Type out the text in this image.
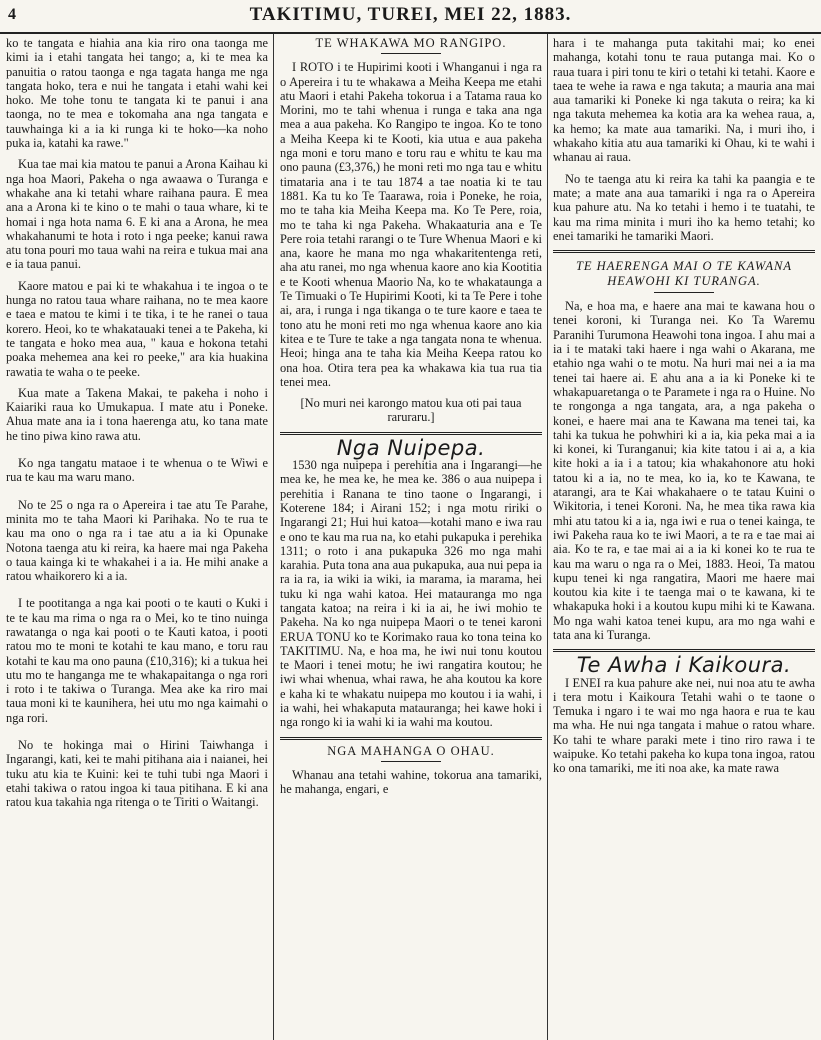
4	TAKITIMU, TUREI, MEI 22, 1883.

ko te tangata e hiahia ana kia riro ona taonga me kimi ia i etahi tangata hei tango; a, ki te mea ka panuitia o ratou taonga e nga tagata hanga me nga tangata hoko, tera e nui he tangata i etahi wahi kei hoko. Me tohe tonu te tangata ki te panui i ana taonga, no te mea e tokomaha ana nga tangata e tauwhainga ki a ia ki runga ki te hoko—ka noho puka ia, katahi ka rawe."

Kua tae mai kia matou te panui a Arona Kaihau ki nga hoa Maori, Pakeha o nga awaawa o Turanga e whakahe ana ki tetahi whare raihana paura. E mea ana a Arona ki te kino o te mahi o taua whare, ki te homai i nga hota nama 6. E ki ana a Arona, he mea whakahanumi te hota i roto i nga peeke; kanui rawa atu tona pouri mo taua wahi na reira e tukua mai ana e ia taua panui.

Kaore matou e pai ki te whakahua i te ingoa o te hunga no ratou taua whare raihana, no te mea kaore e taea e matou te kimi i te tika, i te he ranei o taua korero. Heoi, ko te whakatauaki tenei a te Pakeha, ki te tangata e hoko mea aua, " kaua e hokona tetahi poaka mehemea ana kei ro peeke," ara kia huakina rawatia te waha o te peeke.

Kua mate a Takena Makai, te pakeha i noho i Kaiariki raua ko Umukapua. I mate atu i Poneke. Ahua mate ana ia i tona haerenga atu, ko tana mate he tino piwa kino rawa atu.

Ko nga tangatu mataoe i te whenua o te Wiwi e rua te kau ma waru mano.

No te 25 o nga ra o Apereira i tae atu Te Parahe, minita mo te taha Maori ki Parihaka. No te rua te kau ma ono o nga ra i tae atu a ia ki Opunake Notona taenga atu ki reira, ka haere mai nga Pakeha o taua kainga ki te whakahei i a ia. He mihi anake a ratou whaikorero ki a ia.

I te pootitanga a nga kai pooti o te kauti o Kuki i te te kau ma rima o nga ra o Mei, ko te tino nuinga rawatanga o nga kai pooti o te Kauti katoa, i pooti ratou mo te moni te kotahi te kau mano, e toru rau kotahi te kau ma ono pauna (£10,316); ki a tukua hei utu mo te hanganga me te whakapaitanga o nga rori i roto i te takiwa o Turanga. Mea ake ka riro mai taua moni ki te kaunihera, hei utu mo nga kaimahi o nga rori.

No te hokinga mai o Hirini Taiwhanga i Ingarangi, kati, kei te mahi pitihana aia i naianei, hei tuku atu kia te Kuini: kei te tuhi tubi nga Maori i etahi takiwa o ratou ingoa ki taua pitihana. E ki ana ratou kua takahia nga ritenga o te Tiriti o Waitangi.

TE WHAKAWA MO RANGIPO.

I ROTO i te Hupirimi kooti i Whanganui i nga ra o Apereira i tu te whakawa a Meiha Keepa me etahi atu Maori i etahi Pakeha tokorua i a Tatama raua ko Morini, mo te tahi whenua i runga e taka ana nga mea a aua pakeha. Ko Rangipo te ingoa. Ko te tono a Meiha Keepa ki te Kooti, kia utua e aua pakeha nga moni e toru mano e toru rau e whitu te kau ma ono pauna (£3,376,) he moni reti mo nga tau e whitu timataria ana i te tau 1874 a tae noatia ki te tau 1881. Ka tu ko Te Taarawa, roia i Poneke, he roia, mo te taha kia Meiha Keepa ma. Ko Te Pere, roia, mo te taha ki nga Pakeha. Whakaaturia ana e Te Pere roia tetahi rarangi o te Ture Whenua Maori e ki ana, kaore he mana mo nga whakaritentenga reti, aha atu ranei, mo nga whenua kaore ano kia Kootitia e te Kooti whenua Maorio Na, ko te whakataunga a Te Timuaki o Te Hupirimi Kooti, ki ta Te Pere i tohe ai, ara, i runga i nga tikanga o te ture kaore e taea te tono atu he moni reti mo nga whenua kaore ano kia kitea e te Ture te take a nga tangata nona te whenua. Heoi; hinga ana te taha kia Meiha Keepa ratou ko ona hoa. Otira tera pea ka whakawa kia tua rua tia tenei mea.

[No muri nei karongo matou kua oti pai taua raruraru.]

Nga Nuipepa.

1530 nga nuipepa i perehitia ana i Ingarangi—he mea ke, he mea ke, he mea ke. 386 o aua nuipepa i perehitia i Ranana te tino taone o Ingarangi, i Koterene 184; i Airani 152; i nga motu ririki o Ingarangi 21; Hui hui katoa—kotahi mano e iwa rau e ono te kau ma rua na, ko etahi pukapuka i perehika 1311; o roto i ana pukapuka 326 mo nga mahi karahia. Puta tona ana aua pukapuka, aua nui pepa ia ra ia ra, ia wiki ia wiki, ia marama, ia marama, hei tuku ki nga wahi katoa. Hei matauranga mo nga tangata katoa; na reira i ki ia ai, he iwi mohio te Pakeha. Na ko nga nuipepa Maori o te tenei karoni ERUA TONU ko te Korimako raua ko tona teina ko TAKITIMU. Na, e hoa ma, he iwi nui tonu koutou te Maori i tenei motu; he iwi rangatira koutou; he iwi whai whenua, whai rawa, he aha koutou ka kore e kaha ki te whakatu nuipepa mo koutou i ia wahi, i ia wahi, hei whakaputa matauranga; hei kawe hoki i nga rongo ki ia wahi ki ia wahi ma koutou.

NGA MAHANGA O OHAU.

Whanau ana tetahi wahine, tokorua ana tamariki, he mahanga, engari, e

hara i te mahanga puta takitahi mai; ko enei mahanga, kotahi tonu te raua putanga mai. Ko o raua tuara i piri tonu te kiri o tetahi ki tetahi. Kaore e taea te wehe ia rawa e nga takuta; a mauria ana mai aua tamariki ki Poneke ki nga takuta o reira; ka ki nga takuta mehemea ka kotia ara ka wehea raua, a, ka hemo; ka mate aua tamariki. Na, i muri iho, i whakaho kitia atu aua tamariki ki Ohau, ki te wahi i whanau ai raua.

No te taenga atu ki reira ka tahi ka paangia e te mate; a mate ana aua tamariki i nga ra o Apereira kua pahure atu. Na ko tetahi i hemo i te tuatahi, te kau ma rima minita i muri iho ka hemo tetahi; ko enei tamariki he tamariki Maori.

TE HAERENGA MAI O TE KAWANA HEAWOHI KI TURANGA.

Na, e hoa ma, e haere ana mai te kawana hou o tenei koroni, ki Turanga nei. Ko Ta Waremu Paranihi Turumona Heawohi tona ingoa. I ahu mai a ia i te mataki taki haere i nga wahi o Akarana, me etahio nga wahi o te motu. Na huri mai nei a ia ma tenei tai haere ai. E ahu ana a ia ki Poneke ki te whakapuaretanga o te Paramete i nga ra o Huine. No te rongonga a nga tangata, ara, a nga pakeha o konei, e haere mai ana te Kawana ma tenei tai, ka tahi ka tukua he pohwhiri ki a ia, kia peka mai a ia ki konei, ki Turanganui; kia kite tatou i ai a, a kia kite hoki a ia i a tatou; kia whakahonore atu hoki tatou ki a ia, no te mea, ko ia, ko te Kawana, te atarangi, ara te Kai whakahaere o te tatau Kuini o Wikitoria, i tenei Koroni. Na, he mea tika rawa kia mhi atu tatou ki a ia, nga iwi e rua o tenei kainga, te iwi Pakeha raua ko te iwi Maori, a te ra e tae mai ai aia. Ko te ra, e tae mai ai a ia ki konei ko te rua te kau ma waru o nga ra o Mei, 1883. Heoi, Ta matou kupu tenei ki nga rangatira, Maori me haere mai koutou kia kite i te taenga mai o te kawana, ki te whakapuka hoki i a koutou kupu mihi ki te Kawana. Mo nga wahi katoa tenei kupu, ara mo nga wahi e tata ana ki Turanga.

Te Awha i Kaikoura.

I ENEI ra kua pahure ake nei, nui noa atu te awha i tera motu i Kaikoura Tetahi wahi o te taone o Temuka i ngaro i te wai mo nga haora e rua te kau ma wha. He nui nga tangata i mahue o ratou whare. Ko tahi te whare paraki mete i tino riro rawa i te waipuke. Ko tetahi pakeha ko kupa tona ingoa, ratou ko ona tamariki, me iti noa ake, ka mate rawa
